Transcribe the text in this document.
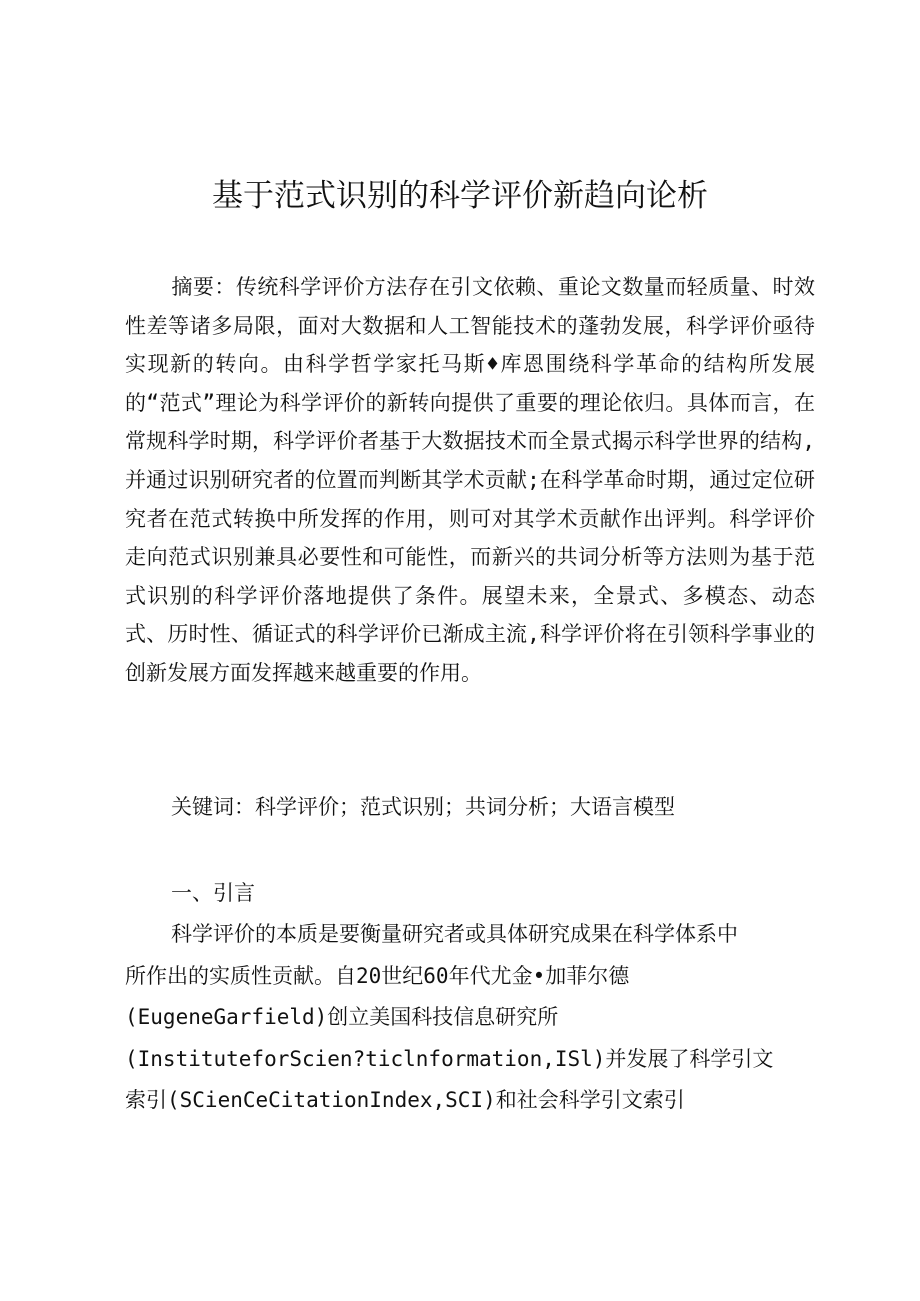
基于范式识别的科学评价新趋向论析

摘要：传统科学评价方法存在引文依赖、重论文数量而轻质量、时效性差等诸多局限，面对大数据和人工智能技术的蓬勃发展，科学评价亟待实现新的转向。由科学哲学家托马斯♦库恩围绕科学革命的结构所发展的“范式”理论为科学评价的新转向提供了重要的理论依归。具体而言，在常规科学时期，科学评价者基于大数据技术而全景式揭示科学世界的结构,并通过识别研究者的位置而判断其学术贡献;在科学革命时期，通过定位研究者在范式转换中所发挥的作用，则可对其学术贡献作出评判。科学评价走向范式识别兼具必要性和可能性，而新兴的共词分析等方法则为基于范式识别的科学评价落地提供了条件。展望未来，全景式、多模态、动态式、历时性、循证式的科学评价已渐成主流,科学评价将在引领科学事业的创新发展方面发挥越来越重要的作用。

关键词：科学评价；范式识别；共词分析；大语言模型

一、引言

科学评价的本质是要衡量研究者或具体研究成果在科学体系中
所作出的实质性贡献。自20世纪60年代尤金•加菲尔德
(EugeneGarfield)创立美国科技信息研究所
(InstituteforScien?ticlnformation,ISl)并发展了科学引文
索引(SCienCeCitationIndex,SCI)和社会科学引文索引
